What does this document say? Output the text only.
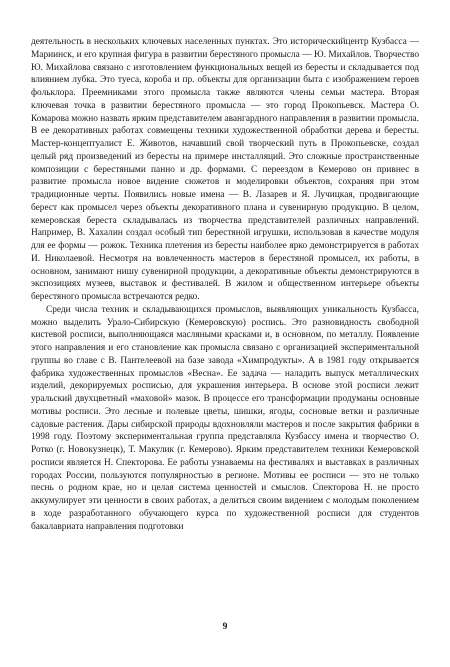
деятельность в нескольких ключевых населенных пунктах. Это историческийцентр Кузбасса — Мариинск, и его крупная фигура в развитии берестяного промысла — Ю. Михайлов. Творчество Ю. Михайлова связано с изготовлением функциональных вещей из бересты и складывается под влиянием лубка. Это туеса, короба и пр. объекты для организации быта с изображением героев фольклора. Преемниками этого промысла также являются члены семьи мастера. Вторая ключевая точка в развитии берестяного промысла — это город Прокопьевск. Мастера О. Комарова можно назвать ярким представителем авангардного направления в развитии промысла. В ее декоративных работах совмещены техники художественной обработки дерева и бересты. Мастер-концептуалист Е. Животов, начавший свой творческий путь в Прокопьевске, создал целый ряд произведений из бересты на примере инсталляций. Это сложные пространственные композиции с берестяными панно и др. формами. С переездом в Кемерово он привнес в развитие промысла новое видение сюжетов и моделировки объектов, сохраняя при этом традиционные черты. Появились новые имена — В. Лазарев и Я. Лучицкая, продвигающие берест как промысел через объекты декоративного плана и сувенирную продукцию. В целом, кемеровская береста складывалась из творчества представителей различных направлений. Например, В. Хахалин создал особый тип берестяной игрушки, использовав в качестве модуля для ее формы — рожок. Техника плетения из бересты наиболее ярко демонстрируется в работах И. Николаевой. Несмотря на вовлеченность мастеров в берестяной промысел, их работы, в основном, занимают нишу сувенирной продукции, а декоративные объекты демонстрируются в экспозициях музеев, выставок и фестивалей. В жилом и общественном интерьере объекты берестяного промысла встречаются редко.

Среди числа техник и складывающихся промыслов, выявляющих уникальность Кузбасса, можно выделить Урало-Сибирскую (Кемеровскую) роспись. Это разновидность свободной кистевой росписи, выполняющаяся масляными красками и, в основном, по металлу. Появление этого направления и его становление как промысла связано с организацией экспериментальной группы во главе с В. Пантелеевой на базе завода «Химпродукты». А в 1981 году открывается фабрика художественных промыслов «Весна». Ее задача — наладить выпуск металлических изделий, декорируемых росписью, для украшения интерьера. В основе этой росписи лежит уральский двухцветный «маховой» мазок. В процессе его трансформации продуманы основные мотивы росписи. Это лесные и полевые цветы, шишки, ягоды, сосновые ветки и различные садовые растения. Дары сибирской природы вдохновляли мастеров и после закрытия фабрики в 1998 году. Поэтому экспериментальная группа представляла Кузбассу имена и творчество О. Ротко (г. Новокузнецк), Т. Макулик (г. Кемерово). Ярким представителем техники Кемеровской росписи является Н. Спекторова. Ее работы узнаваемы на фестивалях и выставках в различных городах России, пользуются популярностью в регионе. Мотивы ее росписи — это не только песнь о родном крае, но и целая система ценностей и смыслов. Спекторова Н. не просто аккумулирует эти ценности в своих работах, а делиться своим видением с молодым поколением в ходе разработанного обучающего курса по художественной росписи для студентов бакалавриата направления подготовки

9
